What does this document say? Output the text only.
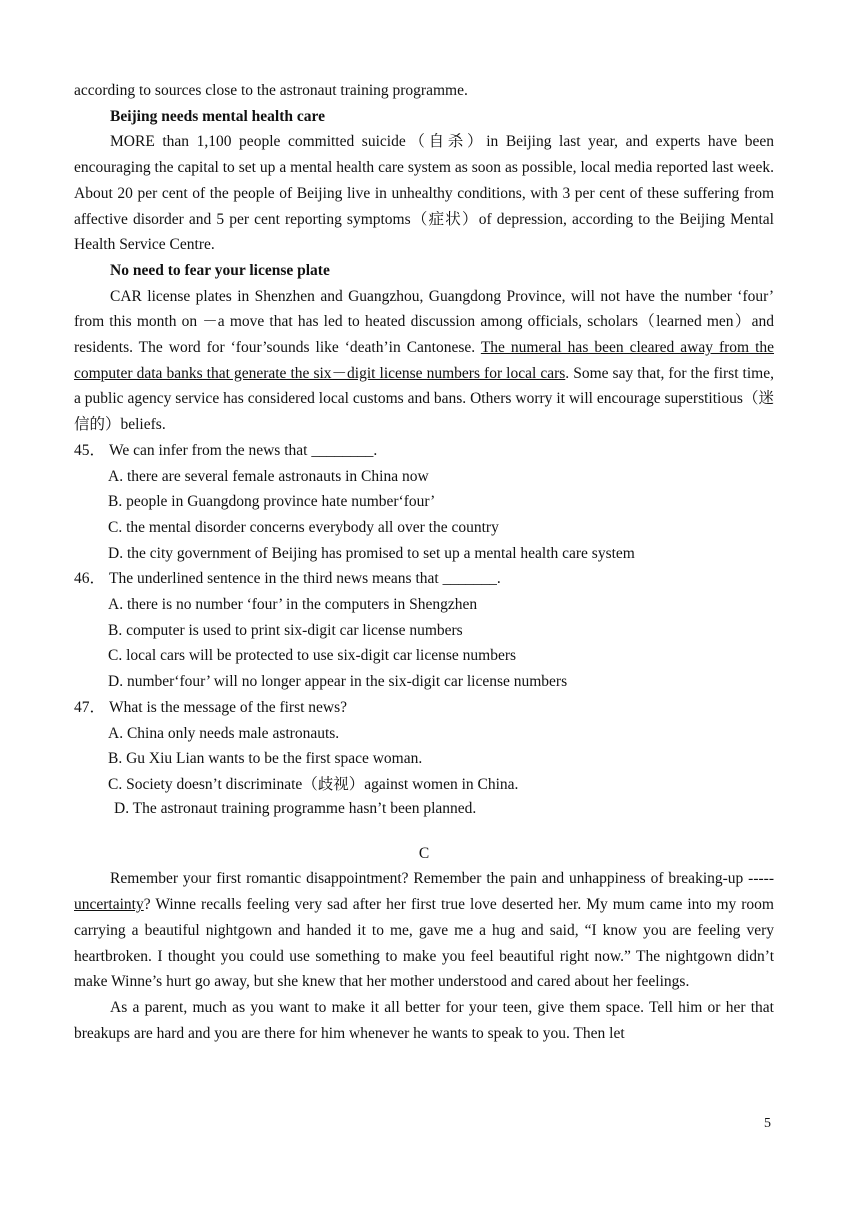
according to sources close to the astronaut training programme.
Beijing needs mental health care
MORE than 1,100 people committed suicide（自杀）in Beijing last year, and experts have been encouraging the capital to set up a mental health care system as soon as possible, local media reported last week. About 20 per cent of the people of Beijing live in unhealthy conditions, with 3 per cent of these suffering from affective disorder and 5 per cent reporting symptoms（症状）of depression, according to the Beijing Mental Health Service Centre.
No need to fear your license plate
CAR license plates in Shenzhen and Guangzhou, Guangdong Province, will not have the number ‘four’ from this month on －a move that has led to heated discussion among officials, scholars（learned men）and residents. The word for ‘four’sounds like ‘death’in Cantonese. The numeral has been cleared away from the computer data banks that generate the six－digit license numbers for local cars. Some say that, for the first time, a public agency service has considered local customs and bans. Others worry it will encourage superstitious（迷信的）beliefs.
45． We can infer from the news that ________.
A. there are several female astronauts in China now
B. people in Guangdong province hate number‘four’
C. the mental disorder concerns everybody all over the country
D. the city government of Beijing has promised to set up a mental health care system
46． The underlined sentence in the third news means that _______.
A. there is no number ‘four’ in the computers in Shengzhen
B. computer is used to print six-digit car license numbers
C. local cars will be protected to use six-digit car license numbers
D. number‘four’ will no longer appear in the six-digit car license numbers
47． What is the message of the first news?
A. China only needs male astronauts.
B. Gu Xiu Lian wants to be the first space woman.
C. Society doesn’t discriminate（歧视）against women in China.
D. The astronaut training programme hasn’t been planned.
C
Remember your first romantic disappointment? Remember the pain and unhappiness of breaking-up ----- uncertainty? Winne recalls feeling very sad after her first true love deserted her. My mum came into my room carrying a beautiful nightgown and handed it to me, gave me a hug and said, “I know you are feeling very heartbroken. I thought you could use something to make you feel beautiful right now.” The nightgown didn’t make Winne’s hurt go away, but she knew that her mother understood and cared about her feelings.
As a parent, much as you want to make it all better for your teen, give them space. Tell him or her that breakups are hard and you are there for him whenever he wants to speak to you. Then let
5
